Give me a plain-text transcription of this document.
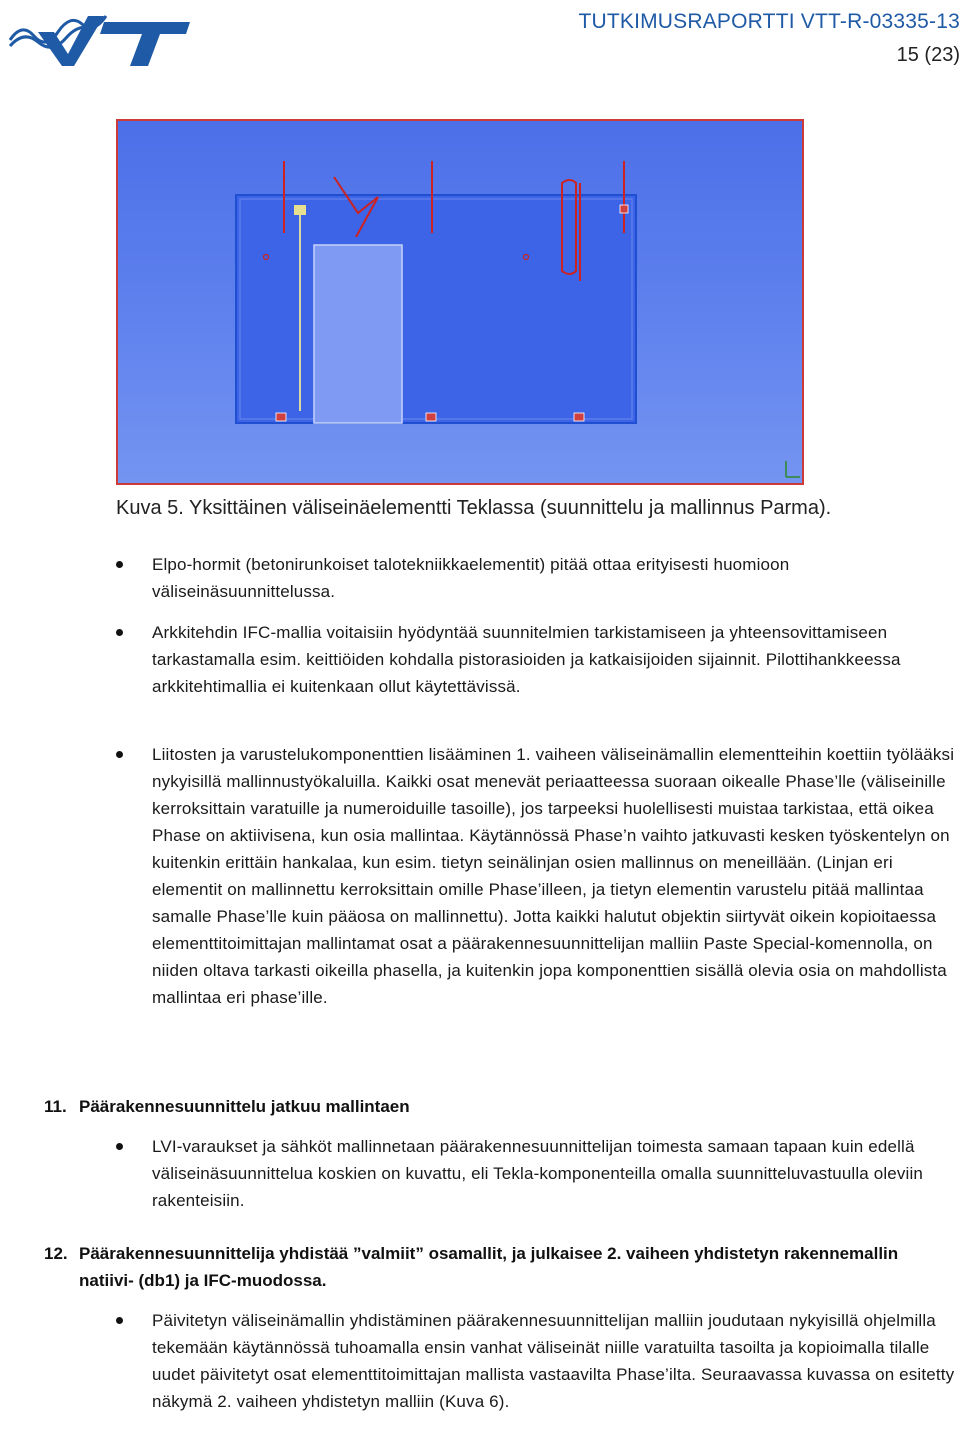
TUTKIMUSRAPORTTI VTT-R-03335-13
15 (23)
Kuva 5. Yksittäinen väliseinäelementti Teklassa (suunnittelu ja mallinnus Parma).
Elpo-hormit (betonirunkoiset talotekniikkaelementit) pitää ottaa erityisesti huomioon väliseinäsuunnittelussa.
Arkkitehdin IFC-mallia voitaisiin hyödyntää suunnitelmien tarkistamiseen ja yhteensovittamiseen tarkastamalla esim. keittiöiden kohdalla pistorasioiden ja katkaisijoiden sijainnit. Pilottihankkeessa arkkitehtimallia ei kuitenkaan ollut käytettävissä.
Liitosten ja varustelukomponenttien lisääminen 1. vaiheen väliseinämallin elementteihin koettiin työlääksi nykyisillä mallinnustyökaluilla. Kaikki osat menevät periaatteessa suoraan oikealle Phase’lle (väliseinille kerroksittain varatuille ja numeroiduille tasoille), jos tarpeeksi huolellisesti muistaa tarkistaa, että oikea Phase on aktiivisena, kun osia mallintaa. Käytännössä Phase’n vaihto jatkuvasti kesken työskentelyn on kuitenkin erittäin hankalaa, kun esim. tietyn seinälinjan osien mallinnus on meneillään. (Linjan eri elementit on mallinnettu kerroksittain omille Phase’illeen, ja tietyn elementin varustelu pitää mallintaa samalle Phase’lle kuin pääosa on mallinnettu). Jotta kaikki halutut objektin siirtyvät oikein kopioitaessa elementtitoimittajan mallintamat osat a päärakennesuunnittelijan malliin Paste Special-komennolla, on niiden oltava tarkasti oikeilla phasella, ja kuitenkin jopa komponenttien sisällä olevia osia on mahdollista mallintaa eri phase’ille.
11. Päärakennesuunnittelu jatkuu mallintaen
LVI-varaukset ja sähköt mallinnetaan päärakennesuunnittelijan toimesta samaan tapaan kuin edellä väliseinäsuunnittelua koskien on kuvattu, eli Tekla-komponenteilla omalla suunnitteluvastuulla oleviin rakenteisiin.
12. Päärakennesuunnittelija yhdistää ”valmiit” osamallit, ja julkaisee 2. vaiheen yhdistetyn rakennemallin natiivi- (db1) ja IFC-muodossa.
Päivitetyn väliseinämallin yhdistäminen päärakennesuunnittelijan malliin joudutaan nykyisillä ohjelmilla tekemään käytännössä tuhoamalla ensin vanhat väliseinät niille varatuilta tasoilta ja kopioimalla tilalle uudet päivitetyt osat elementtitoimittajan mallista vastaavilta Phase’ilta. Seuraavassa kuvassa on esitetty näkymä 2. vaiheen yhdistetyn malliin (Kuva 6).
